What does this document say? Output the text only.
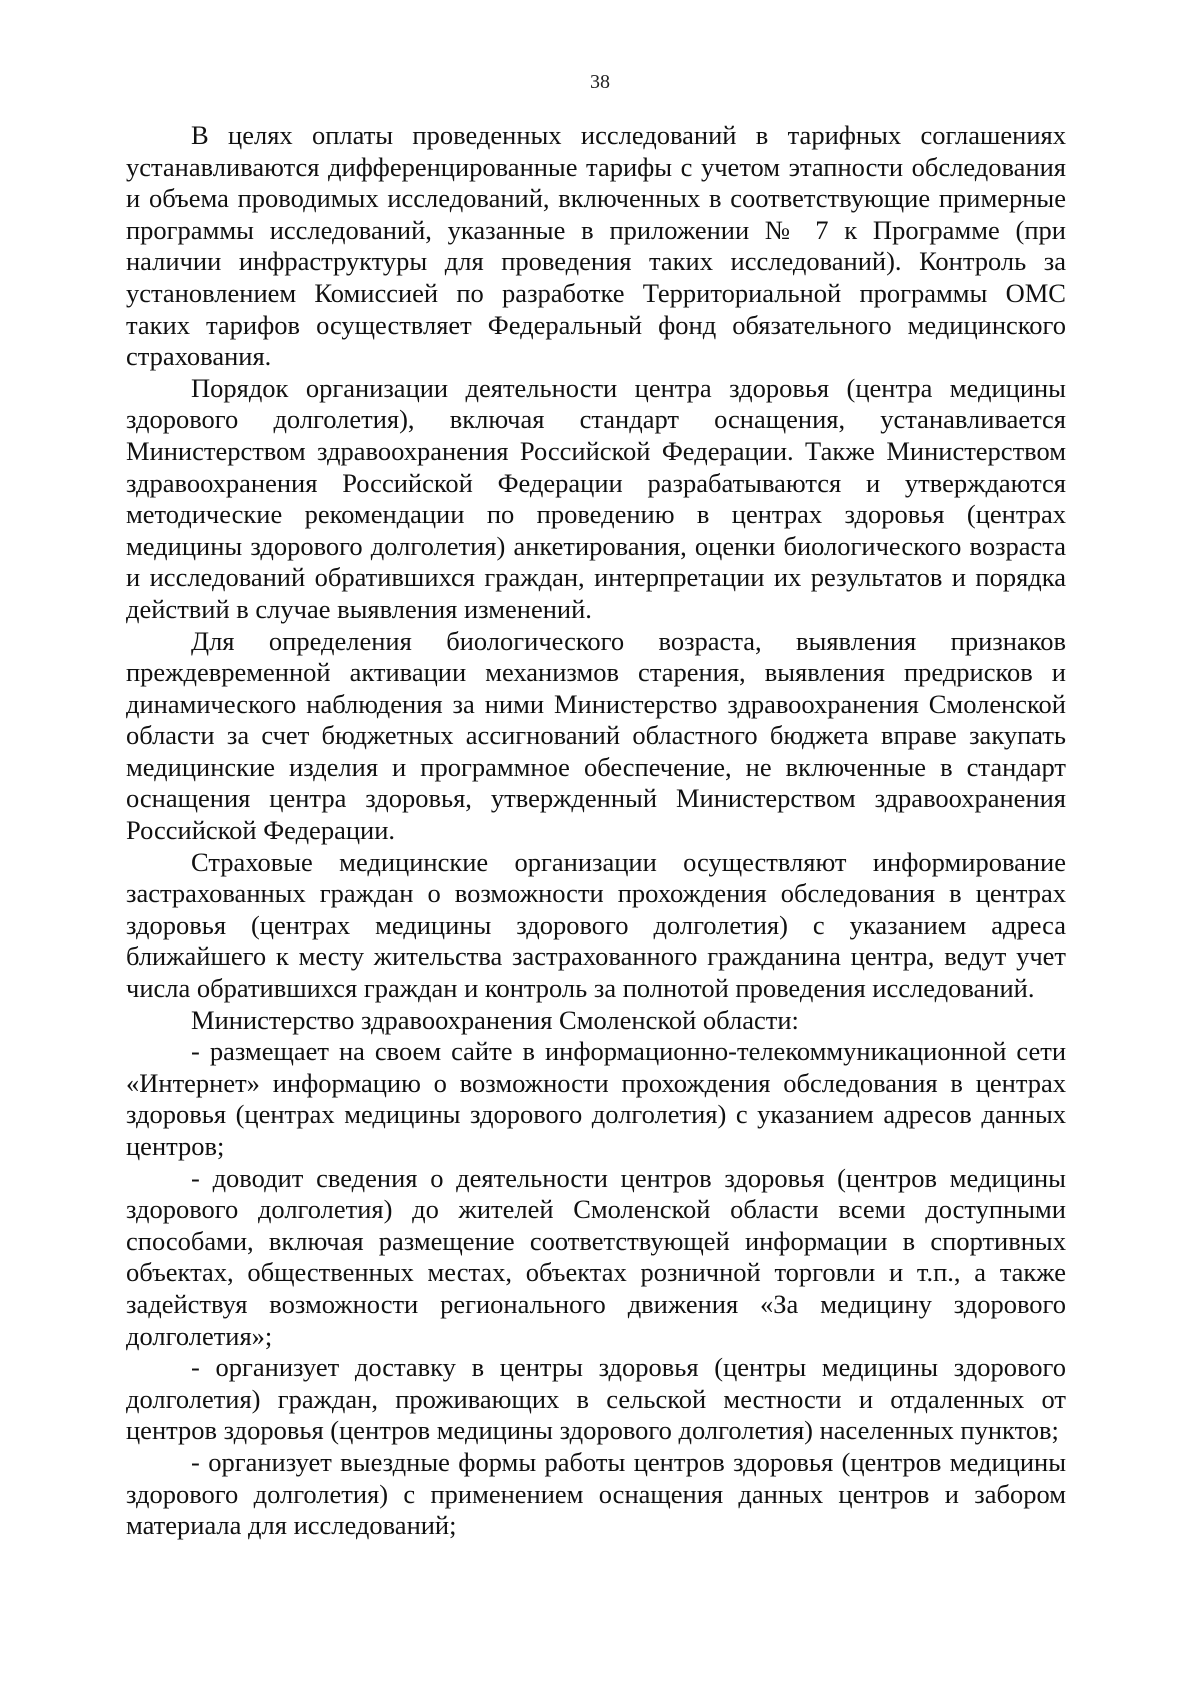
38

В целях оплаты проведенных исследований в тарифных соглашениях устанавливаются дифференцированные тарифы с учетом этапности обследования и объема проводимых исследований, включенных в соответствующие примерные программы исследований, указанные в приложении № 7 к Программе (при наличии инфраструктуры для проведения таких исследований). Контроль за установлением Комиссией по разработке Территориальной программы ОМС таких тарифов осуществляет Федеральный фонд обязательного медицинского страхования.

Порядок организации деятельности центра здоровья (центра медицины здорового долголетия), включая стандарт оснащения, устанавливается Министерством здравоохранения Российской Федерации. Также Министерством здравоохранения Российской Федерации разрабатываются и утверждаются методические рекомендации по проведению в центрах здоровья (центрах медицины здорового долголетия) анкетирования, оценки биологического возраста и исследований обратившихся граждан, интерпретации их результатов и порядка действий в случае выявления изменений.

Для определения биологического возраста, выявления признаков преждевременной активации механизмов старения, выявления предрисков и динамического наблюдения за ними Министерство здравоохранения Смоленской области за счет бюджетных ассигнований областного бюджета вправе закупать медицинские изделия и программное обеспечение, не включенные в стандарт оснащения центра здоровья, утвержденный Министерством здравоохранения Российской Федерации.

Страховые медицинские организации осуществляют информирование застрахованных граждан о возможности прохождения обследования в центрах здоровья (центрах медицины здорового долголетия) с указанием адреса ближайшего к месту жительства застрахованного гражданина центра, ведут учет числа обратившихся граждан и контроль за полнотой проведения исследований.

Министерство здравоохранения Смоленской области:

- размещает на своем сайте в информационно-телекоммуникационной сети «Интернет» информацию о возможности прохождения обследования в центрах здоровья (центрах медицины здорового долголетия) с указанием адресов данных центров;

- доводит сведения о деятельности центров здоровья (центров медицины здорового долголетия) до жителей Смоленской области всеми доступными способами, включая размещение соответствующей информации в спортивных объектах, общественных местах, объектах розничной торговли и т.п., а также задействуя возможности регионального движения «За медицину здорового долголетия»;

- организует доставку в центры здоровья (центры медицины здорового долголетия) граждан, проживающих в сельской местности и отдаленных от центров здоровья (центров медицины здорового долголетия) населенных пунктов;

- организует выездные формы работы центров здоровья (центров медицины здорового долголетия) с применением оснащения данных центров и забором материала для исследований;
